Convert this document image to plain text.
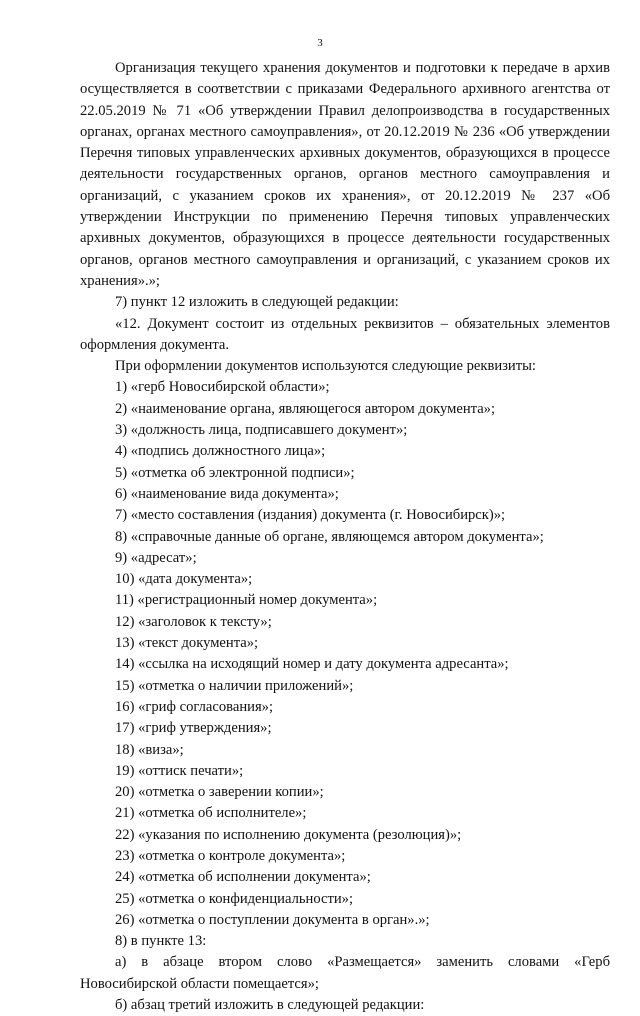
3

Организация текущего хранения документов и подготовки к передаче в архив осуществляется в соответствии с приказами Федерального архивного агентства от 22.05.2019 № 71 «Об утверждении Правил делопроизводства в государственных органах, органах местного самоуправления», от 20.12.2019 № 236 «Об утверждении Перечня типовых управленческих архивных документов, образующихся в процессе деятельности государственных органов, органов местного самоуправления и организаций, с указанием сроков их хранения», от 20.12.2019 № 237 «Об утверждении Инструкции по применению Перечня типовых управленческих архивных документов, образующихся в процессе деятельности государственных органов, органов местного самоуправления и организаций, с указанием сроков их хранения».»;

7) пункт 12 изложить в следующей редакции:

«12. Документ состоит из отдельных реквизитов – обязательных элементов оформления документа.

При оформлении документов используются следующие реквизиты:

1) «герб Новосибирской области»;

2) «наименование органа, являющегося автором документа»;

3) «должность лица, подписавшего документ»;

4) «подпись должностного лица»;

5) «отметка об электронной подписи»;

6) «наименование вида документа»;

7) «место составления (издания) документа (г. Новосибирск)»;

8) «справочные данные об органе, являющемся автором документа»;

9) «адресат»;

10) «дата документа»;

11) «регистрационный номер документа»;

12) «заголовок к тексту»;

13) «текст документа»;

14) «ссылка на исходящий номер и дату документа адресанта»;

15) «отметка о наличии приложений»;

16) «гриф согласования»;

17) «гриф утверждения»;

18) «виза»;

19) «оттиск печати»;

20) «отметка о заверении копии»;

21) «отметка об исполнителе»;

22) «указания по исполнению документа (резолюция)»;

23) «отметка о контроле документа»;

24) «отметка об исполнении документа»;

25) «отметка о конфиденциальности»;

26) «отметка о поступлении документа в орган».»;

8) в пункте 13:

а) в абзаце втором слово «Размещается» заменить словами «Герб Новосибирской области помещается»;

б) абзац третий изложить в следующей редакции:
